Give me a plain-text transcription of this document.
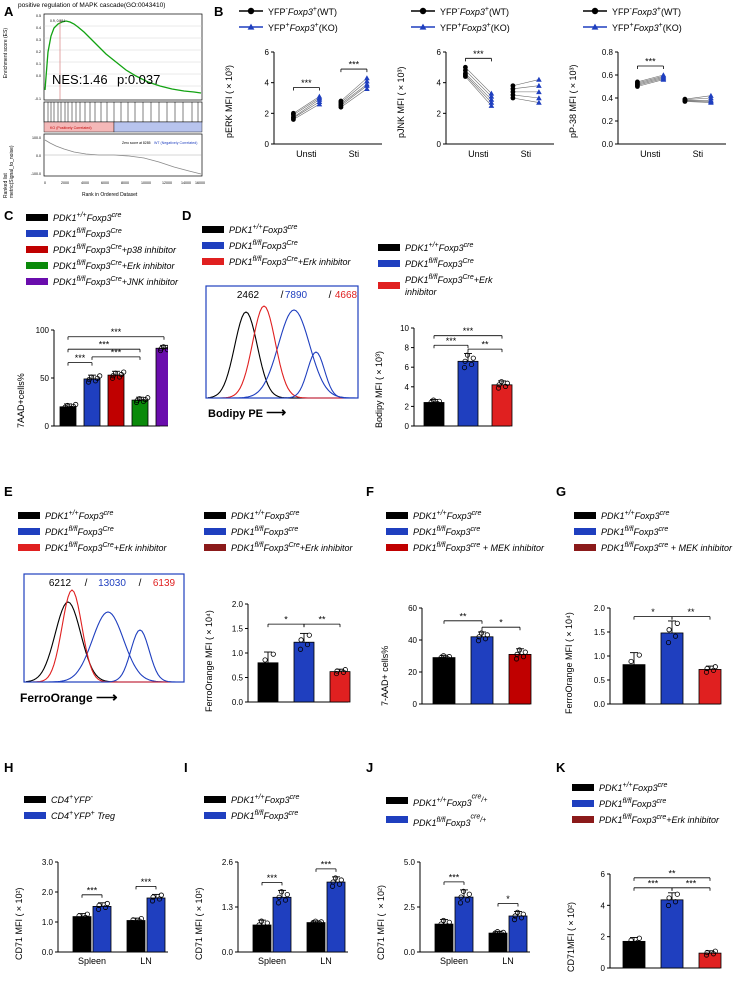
A positive regulation of MAPK cascade(GO:0043410)
0.5
0.4
0.3
0.2
0.1
0.0
-0.1
100.0
0.0
-100.0
0	2000	4000	6000	8000	10000	12000	14000 16000
KO (Positively Correlated)
WT (Negatively Correlated)
0.9, 0.584
Zero score at 8285
Enrichment score (ES)
Ranked list metric(Signal_to_noise)	Rank in Ordered Dataset
NES:1.46 p:0.037
B	YFP-Foxp3+(WT)
YFP+Foxp3+(KO)
0
2
4
6
Unsti	Sti
***
***
pERK MFI (×10³)
YFP-Foxp3+(WT)
YFP+Foxp3+(KO)
0
2
4
6
Unsti	Sti
***
pJNK MFI (×10³)
YFP-Foxp3+(WT)
YFP+Foxp3+(KO)
0.0
0.2
0.4
0.6
0.8
Unsti	Sti
***
pP-38 MFI (×10³)
C	$PDK1^{+/+}Foxp3^{cre}$
$PDK1^{fl/fl}Foxp3^{Cre}$
$PDK1^{fl/fl}Foxp3^{Cre}+p38$ inhibitor
$PDK1^{fl/fl}Foxp3^{Cre}+Erk$ inhibitor
$PDK1^{fl/fl}Foxp3^{Cre}+JNK$ inhibitor
0
50
100
***
***
***
***
7AAD+cells%
D
$PDK1^{+/+}Foxp3^{cre}$
$PDK1^{fl/fl}Foxp3^{Cre}$
$PDK1^{fl/fl}Foxp3^{Cre}+Erk$ inhibitor
2462 / 7890 / 4668
Bodipy PE ⟶
$PDK1^{+/+}Foxp3^{cre}$
$PDK1^{fl/fl}Foxp3^{Cre}$
$PDK1^{fl/fl}Foxp3^{Cre}+Erk$ inhibitor
0
2
4
6
8
10
***	**
***
Bodipy MFI (×10³)
E
$PDK1^{+/+}Foxp3^{cre}$
$PDK1^{fl/fl}Foxp3^{Cre}$
$PDK1^{fl/fl}Foxp3^{Cre}+Erk$ inhibitor
6212 / 13030 / 6139
FerroOrange ⟶
$PDK1^{+/+}Foxp3^{cre}$
$PDK1^{fl/fl}Foxp3^{cre}$
$PDK1^{fl/fl}Foxp3^{Cre}+Erk$ inhibitor
0.0
0.5
1.0
1.5
2.0
*	**
FerroOrange MFI (×10⁴)
F
$PDK1^{+/+}Foxp3^{cre}$
$PDK1^{fl/fl}Foxp3^{cre}$
$PDK1^{fl/fl}Foxp3^{cre}$ + MEK inhibitor
0
20
40
60
**
*
7-AAD+ cells%
G
$PDK1^{+/+}Foxp3^{cre}$
$PDK1^{fl/fl}Foxp3^{cre}$
$PDK1^{fl/fl}Foxp3^{cre}$ + MEK inhibitor
0.0
0.5
1.0
1.5
2.0	*	**
FerroOrange MFI (×10⁴)
H
CD4+YFP-
CD4+YFP+ Treg
0.0
1.0
2.0
3.0
Spleen	LN
***
***
CD71 MFI (×10²)
I
$PDK1^{+/+}Foxp3^{cre}$
$PDK1^{fl/fl}Foxp3^{cre}$
0.0
1.3
2.6
Spleen	LN
***
***
CD71 MFI (×10²)
J
$PDK1^{+/+}Foxp3^{cre/+}$
$PDK1^{fl/fl}Foxp3^{cre/+}$
0.0
2.5
5.0
Spleen	LN
***
*
CD71 MFI ( ×10²)
K
$PDK1^{+/+}Foxp3^{cre}$
$PDK1^{fl/fl}Foxp3^{cre}$
$PDK1^{fl/fl}Foxp3^{cre}+Erk$ inhibitor
0
2
4
6
***	***
**
CD71MFI (×10²)
